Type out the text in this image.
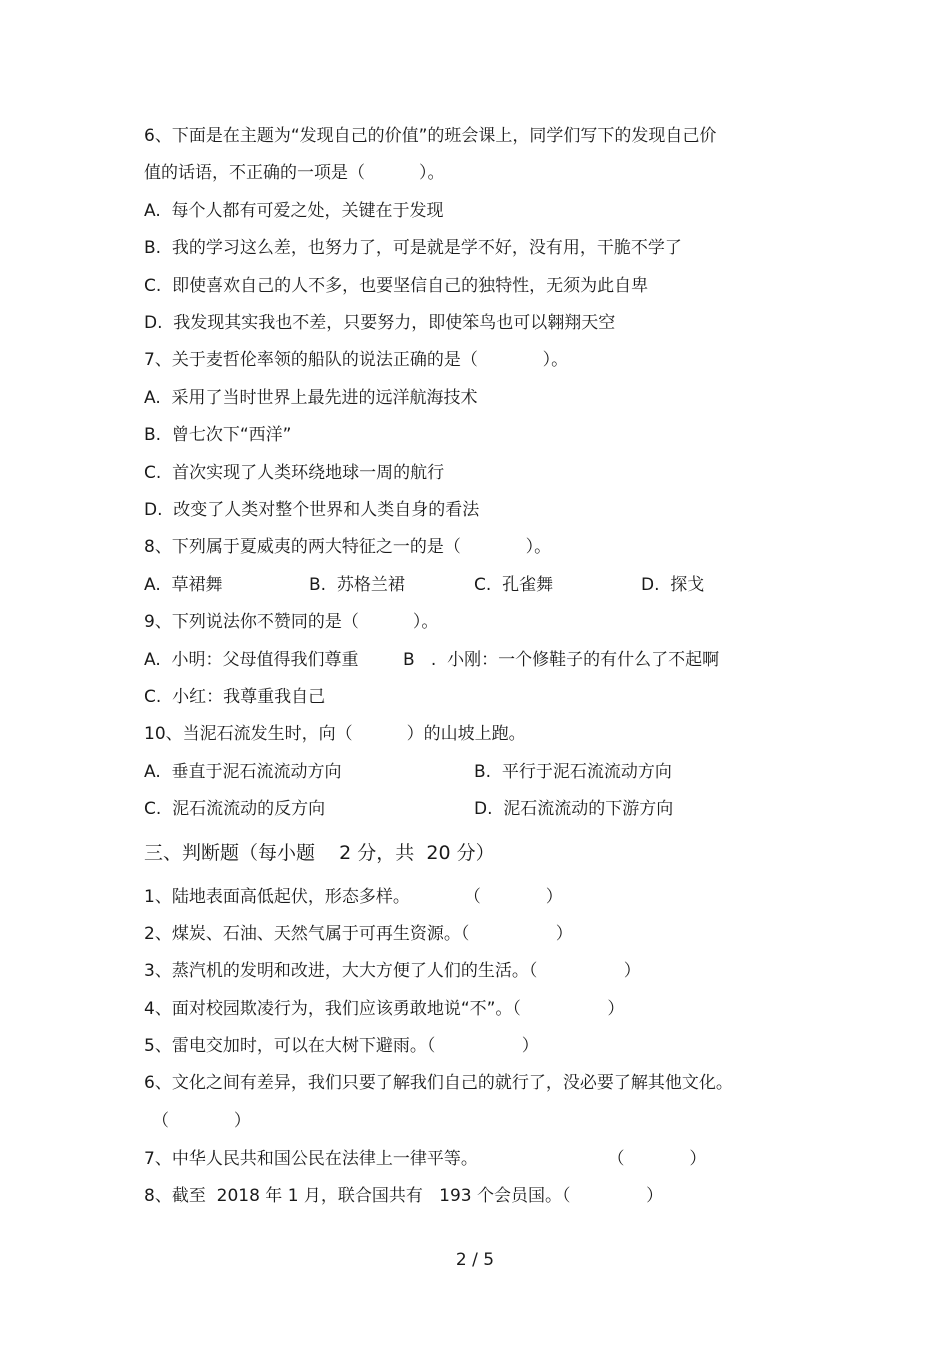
6、下面是在主题为“发现自己的价值”的班会课上，同学们写下的发现自己价
值的话语，不正确的一项是（          ）。
A.  每个人都有可爱之处，关键在于发现
B.  我的学习这么差，也努力了，可是就是学不好，没有用，干脆不学了
C.  即使喜欢自己的人不多，也要坚信自己的独特性，无须为此自卑
D.  我发现其实我也不差，只要努力，即使笨鸟也可以翱翔天空
7、关于麦哲伦率领的船队的说法正确的是（            ）。
A.  采用了当时世界上最先进的远洋航海技术
B.  曾七次下“西洋”
C.  首次实现了人类环绕地球一周的航行
D.  改变了人类对整个世界和人类自身的看法
8、下列属于夏威夷的两大特征之一的是（            ）。
A.  草裙舞	B.  苏格兰裙	C.  孔雀舞	D.  探戈
9、下列说法你不赞同的是（          ）。
A.  小明：父母值得我们尊重	B   .  小刚：一个修鞋子的有什么了不起啊
C.  小红：我尊重我自己
10、当泥石流发生时，向（          ）的山坡上跑。
A.  垂直于泥石流流动方向	B.  平行于泥石流流动方向
C.  泥石流流动的反方向	D.  泥石流流动的下游方向
三、判断题（每小题    2 分，共  20 分）
1、陆地表面高低起伏，形态多样。          （            ）
2、煤炭、石油、天然气属于可再生资源。（                ）
3、蒸汽机的发明和改进，大大方便了人们的生活。（                ）
4、面对校园欺凌行为，我们应该勇敢地说“不”。（                ）
5、雷电交加时，可以在大树下避雨。（                ）
6、文化之间有差异，我们只要了解我们自己的就行了，没必要了解其他文化。
（            ）
7、中华人民共和国公民在法律上一律平等。                        （            ）
8、截至  2018 年 1 月，联合国共有   193 个会员国。（              ）
2 / 5
